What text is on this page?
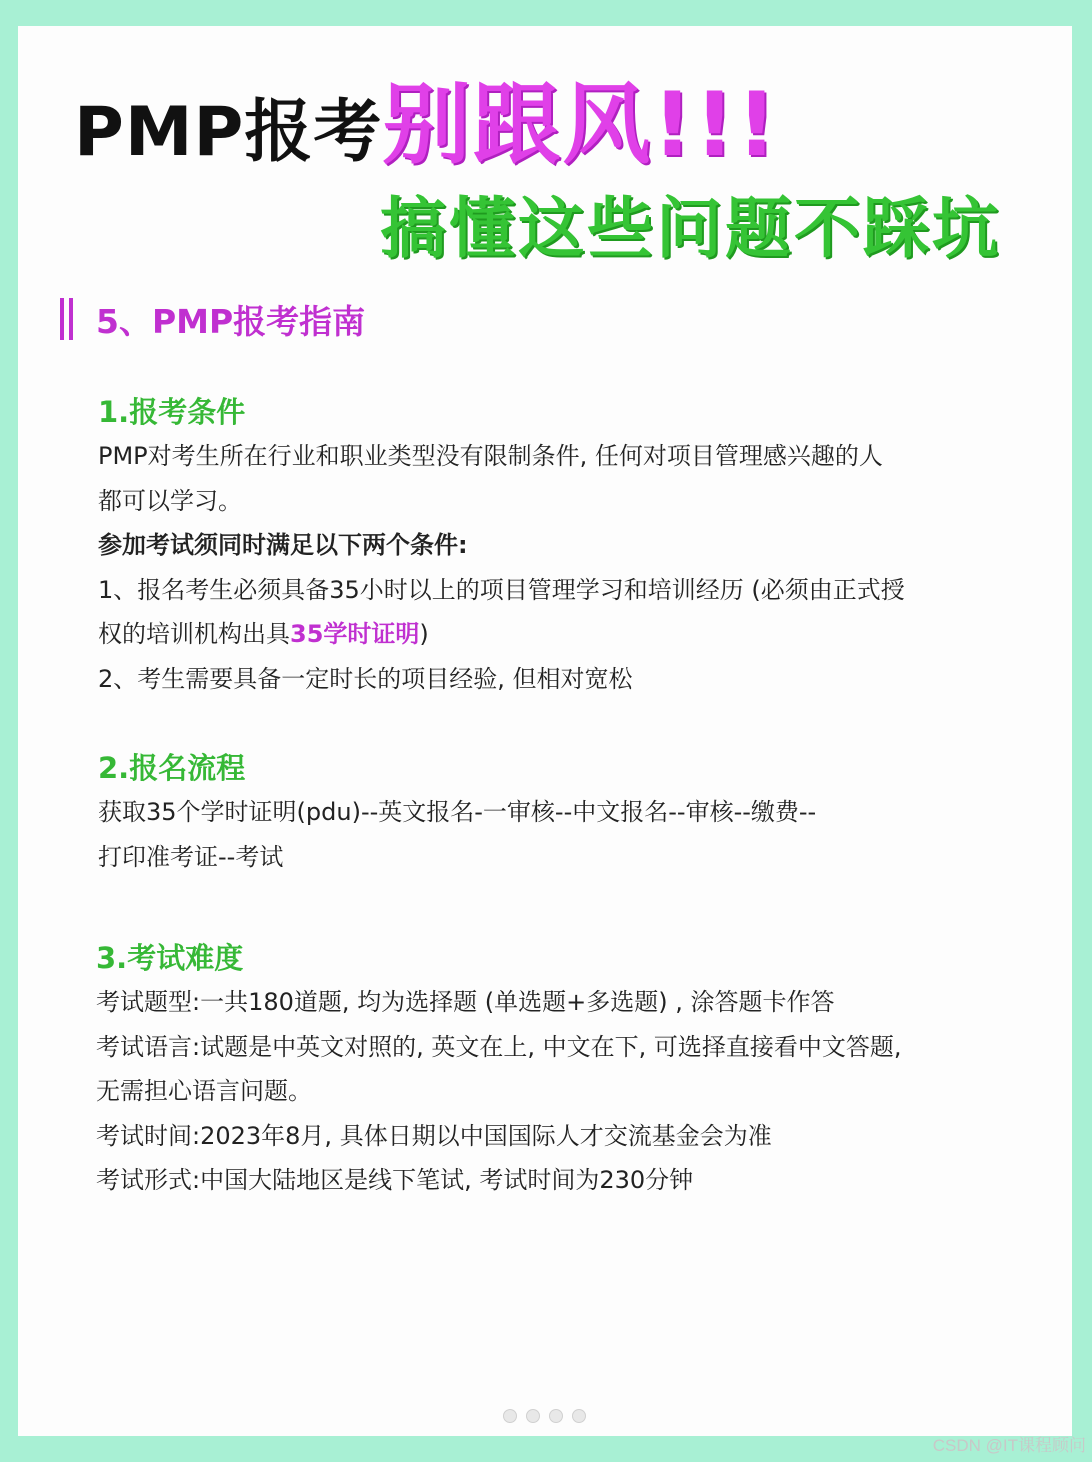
PMP报考别跟风!!!
搞懂这些问题不踩坑
5、PMP报考指南
1.报考条件
PMP对考生所在行业和职业类型没有限制条件, 任何对项目管理感兴趣的人
都可以学习。
参加考试须同时满足以下两个条件:
1、报名考生必须具备35小时以上的项目管理学习和培训经历 (必须由正式授
权的培训机构出具35学时证明)
2、考生需要具备一定时长的项目经验, 但相对宽松
2.报名流程
获取35个学时证明(pdu)--英文报名-一审核--中文报名--审核--缴费--
打印准考证--考试
3.考试难度
考试题型:一共180道题, 均为选择题 (单选题+多选题) , 涂答题卡作答
考试语言:试题是中英文对照的, 英文在上, 中文在下, 可选择直接看中文答题,
无需担心语言问题。
考试时间:2023年8月, 具体日期以中国国际人才交流基金会为准
考试形式:中国大陆地区是线下笔试, 考试时间为230分钟
CSDN @IT课程顾问
